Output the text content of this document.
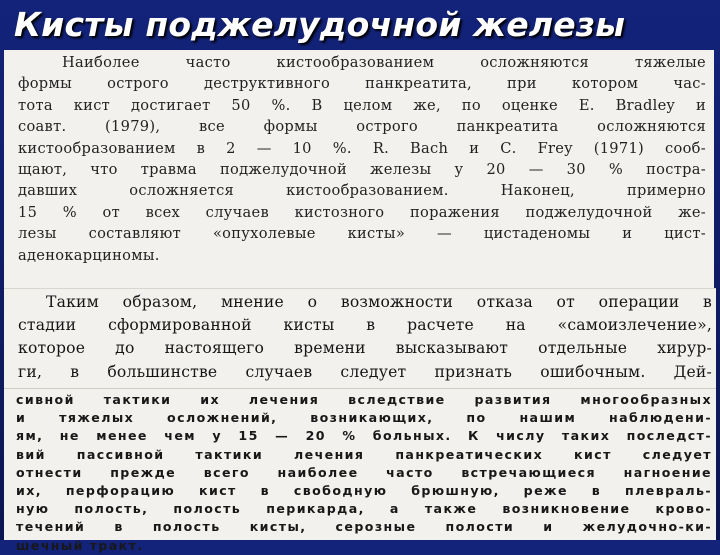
Кисты поджелудочной железы

Наиболее часто кистообразованием осложняются тяжелые

формы острого деструктивного панкреатита, при котором час-

тота кист достигает 50 %. В целом же, по оценке Е. Bradley и

соавт. (1979), все формы острого панкреатита осложняются

кистообразованием в 2 — 10 %. R. Bach и С. Frey (1971) сооб-

щают, что травма поджелудочной железы у 20 — 30 % постра-

давших осложняется кистообразованием. Наконец, примерно

15 % от всех случаев кистозного поражения поджелудочной же-

лезы составляют «опухолевые кисты» — цистаденомы и цист-

аденокарциномы.

Таким образом, мнение о возможности отказа от операции в

стадии сформированной кисты в расчете на «самоизлечение»,

которое до настоящего времени высказывают отдельные хирур-

ги, в большинстве случаев следует признать ошибочным. Дей-

сивной тактики их лечения вследствие развития многообразных

и тяжелых осложнений, возникающих, по нашим наблюдени-

ям, не менее чем у 15 — 20 % больных. К числу таких последст-

вий пассивной тактики лечения панкреатических кист следует

отнести прежде всего наиболее часто встречающиеся нагноение

их, перфорацию кист в свободную брюшную, реже в плевраль-

ную полость, полость перикарда, а также возникновение крово-

течений в полость кисты, серозные полости и желудочно-ки-

шечный тракт.
